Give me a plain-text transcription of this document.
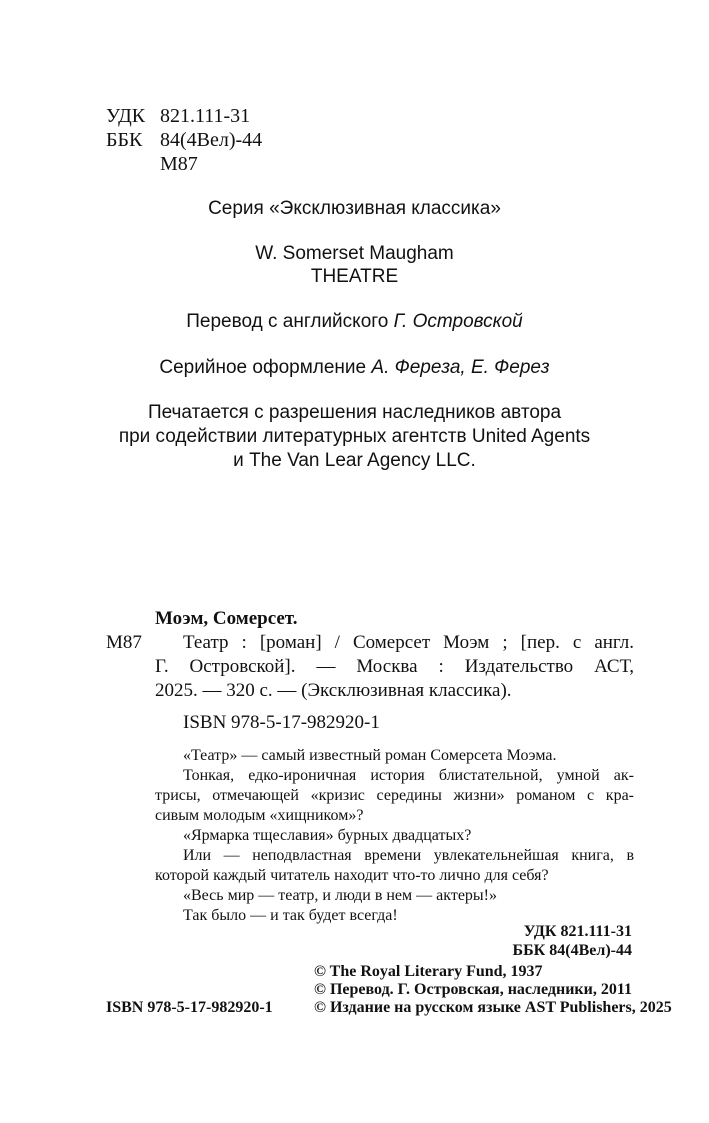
УДК 821.111-31
ББК 84(4Вел)-44
М87
Серия «Эксклюзивная классика»
W. Somerset Maugham
THEATRE
Перевод с английского Г. Островской
Серийное оформление А. Фереза, Е. Ферез
Печатается с разрешения наследников автора
при содействии литературных агентств United Agents
и The Van Lear Agency LLC.
Моэм, Сомерсет.
М87 Театр : [роман] / Сомерсет Моэм ; [пер. с англ.
Г. Островской]. — Москва : Издательство АСТ,
2025. — 320 с. — (Эксклюзивная классика).
ISBN 978-5-17-982920-1
«Театр» — самый известный роман Сомерсета Моэма.
Тонкая, едко-ироничная история блистательной, умной ак-
трисы, отмечающей «кризис середины жизни» романом с кра-
сивым молодым «хищником»?
«Ярмарка тщеславия» бурных двадцатых?
Или — неподвластная времени увлекательнейшая книга, в
которой каждый читатель находит что-то лично для себя?
«Весь мир — театр, и люди в нем — актеры!»
Так было — и так будет всегда!
УДК 821.111-31
ББК 84(4Вел)-44
© The Royal Literary Fund, 1937
© Перевод. Г. Островская, наследники, 2011
© Издание на русском языке AST Publishers, 2025
ISBN 978-5-17-982920-1
